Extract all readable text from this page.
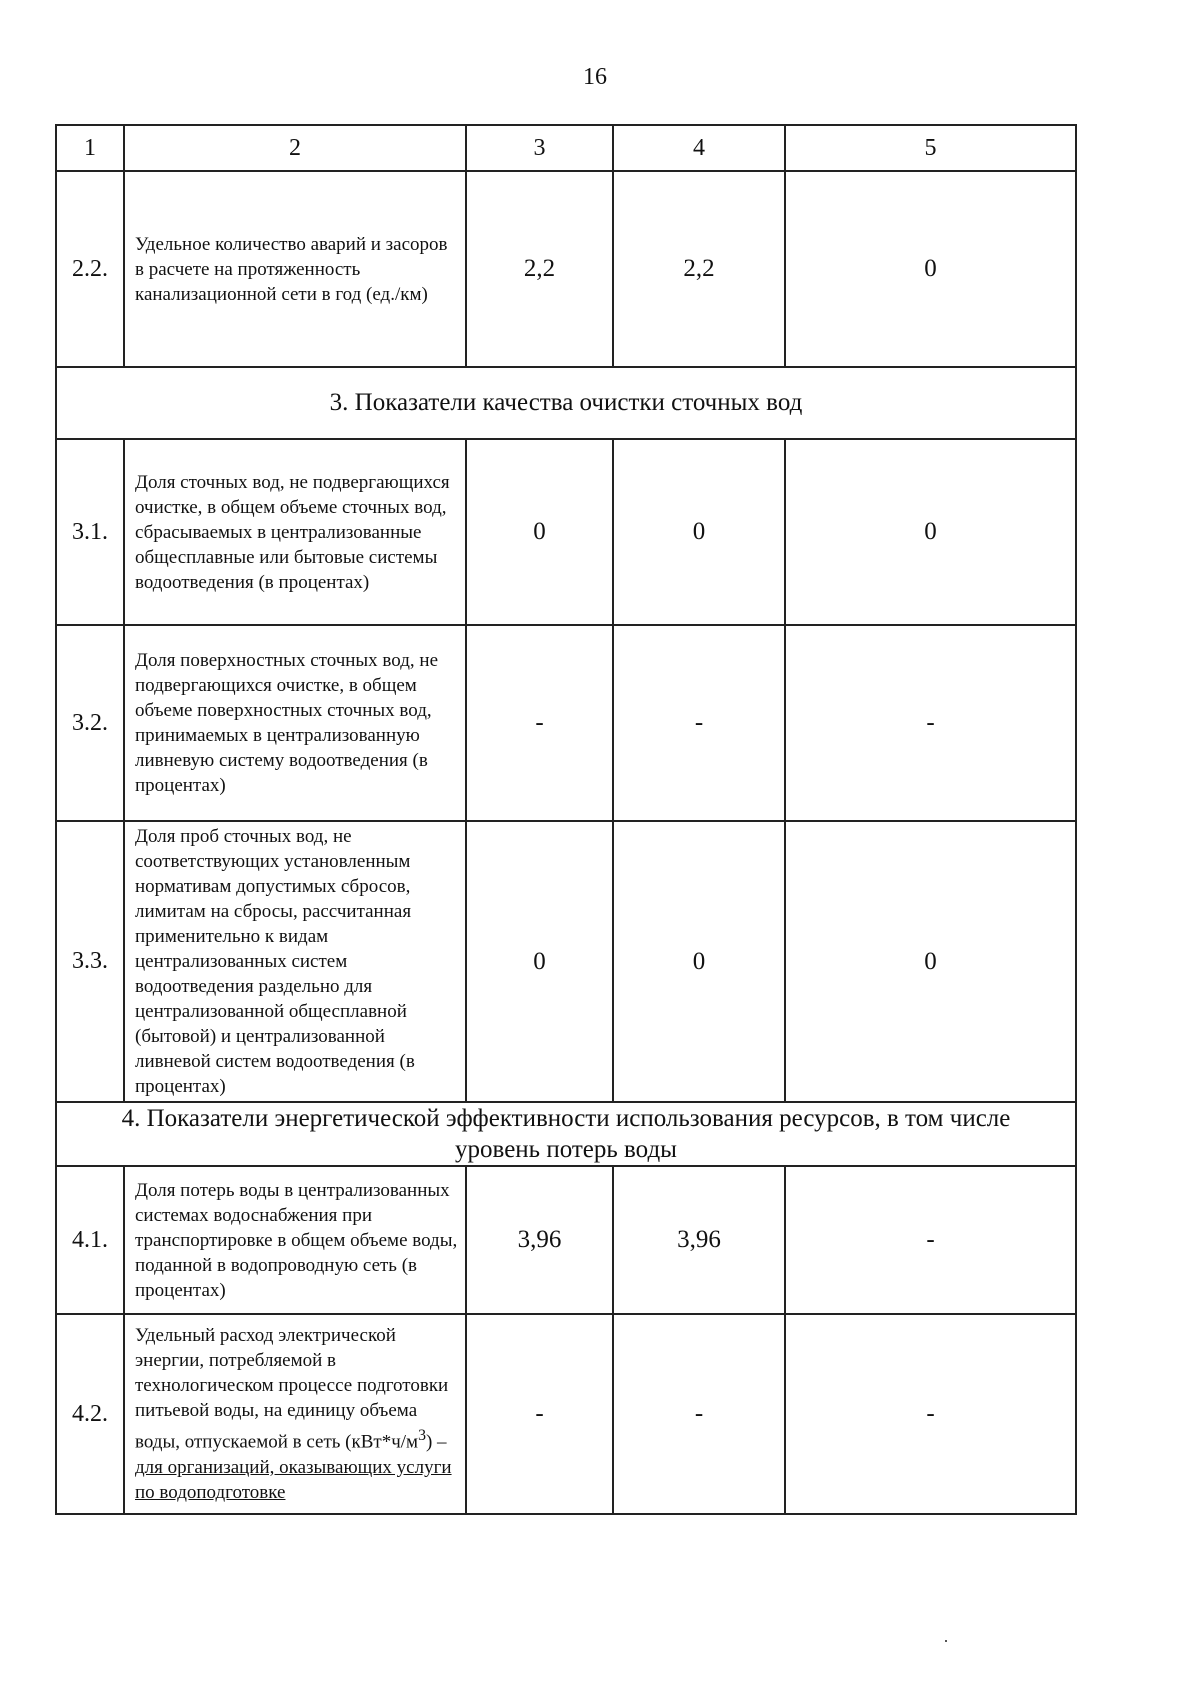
16
1	2	3	4	5
2.2.	Удельное количество аварий и засоров в расчете на протяженность канализационной сети в год (ед./км)	2,2	2,2	0
3. Показатели качества очистки сточных вод				
3.1.	Доля сточных вод, не подвергающихся очистке, в общем объеме сточных вод, сбрасываемых в централизованные общесплавные или бытовые системы водоотведения (в процентах)	0	0	0
3.2.	Доля поверхностных сточных вод, не подвергающихся очистке, в общем объеме поверхностных сточных вод, принимаемых в централизованную ливневую систему водоотведения (в процентах)	-	-	-
3.3.	Доля проб сточных вод, не соответствующих установленным нормативам допустимых сбросов, лимитам на сбросы, рассчитанная применительно к видам централизованных систем водоотведения раздельно для централизованной общесплавной (бытовой) и централизованной ливневой систем водоотведения (в процентах)	0	0	0
4. Показатели энергетической эффективности использования ресурсов, в том числе уровень потерь воды				
4.1.	Доля потерь воды в централизованных системах водоснабжения при транспортировке в общем объеме воды, поданной в водопроводную сеть (в процентах)	3,96	3,96	-
4.2.	Удельный расход электрической энергии, потребляемой в технологическом процессе подготовки питьевой воды, на единицу объема воды, отпускаемой в сеть $(кВт*ч/м^3)$ – для организаций, оказывающих услуги по водоподготовке	-	-	-
